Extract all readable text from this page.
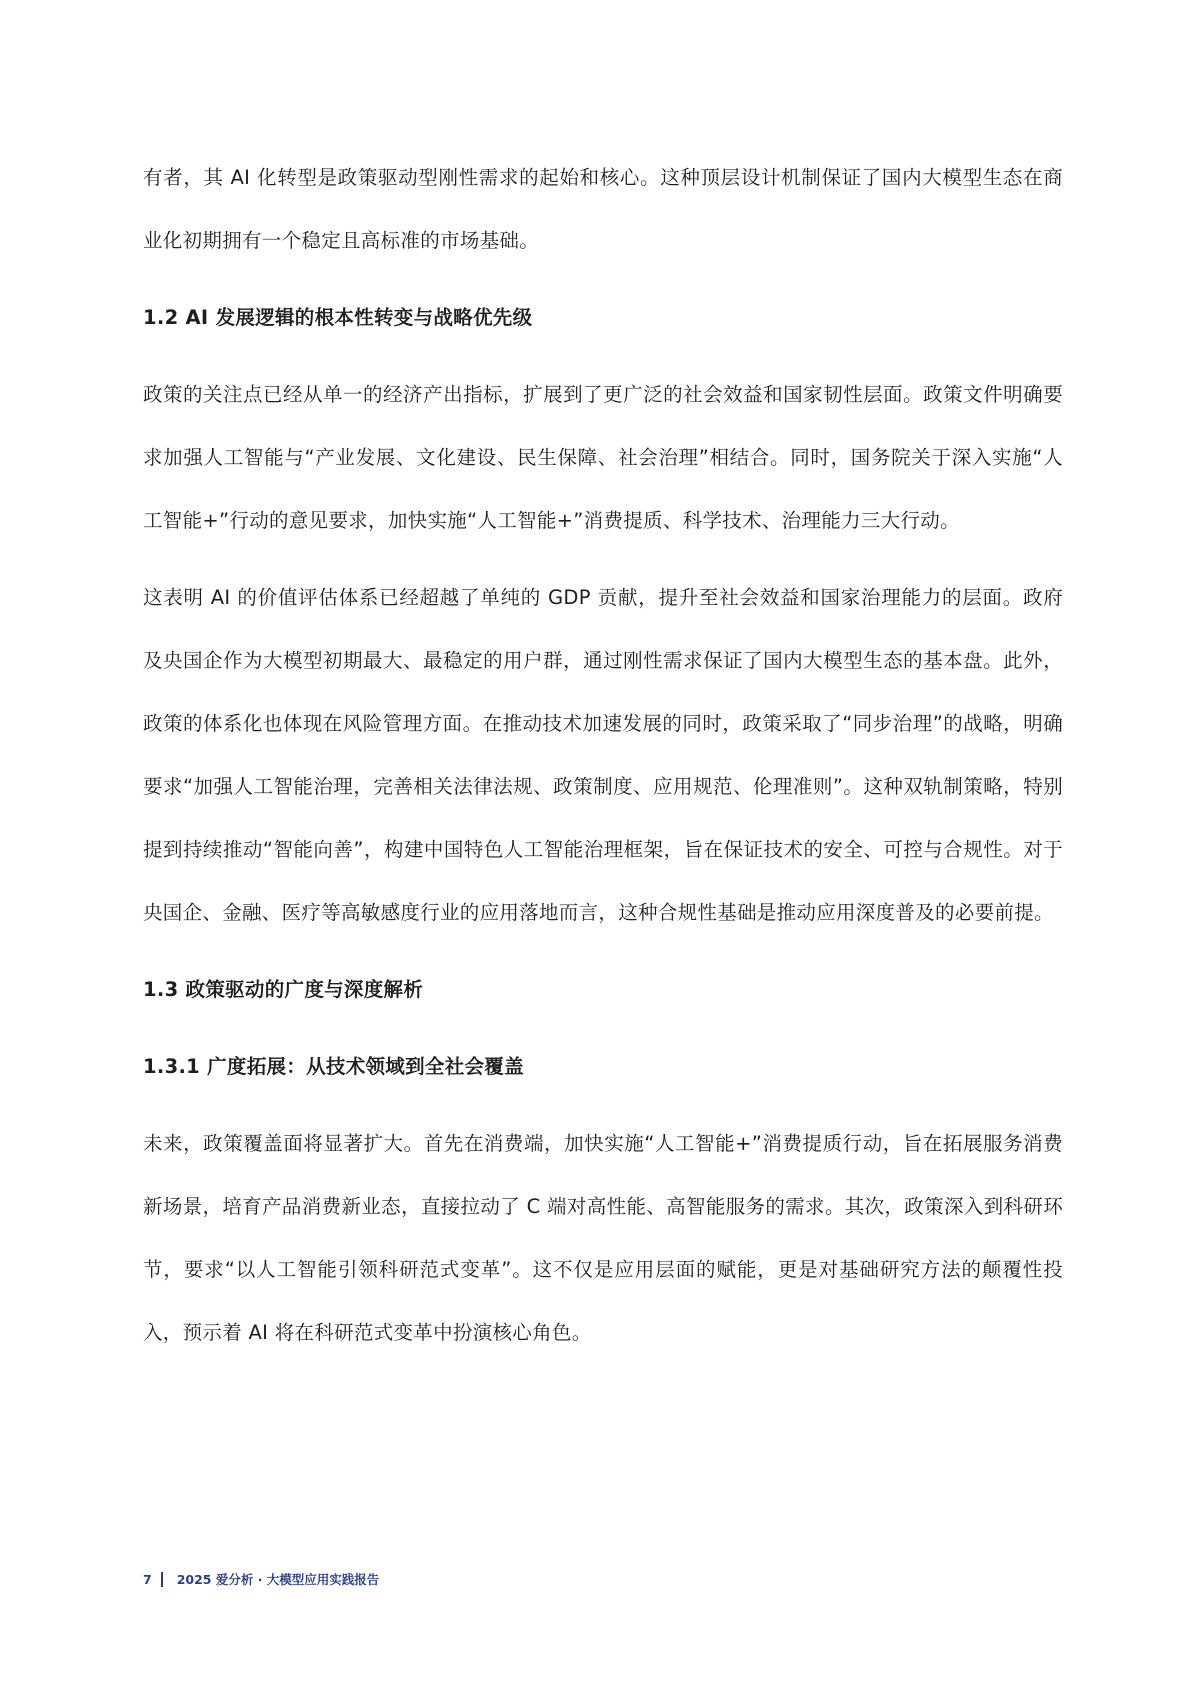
有者，其 AI 化转型是政策驱动型刚性需求的起始和核心。这种顶层设计机制保证了国内大模型生态在商业化初期拥有一个稳定且高标准的市场基础。

1.2 AI 发展逻辑的根本性转变与战略优先级

政策的关注点已经从单一的经济产出指标，扩展到了更广泛的社会效益和国家韧性层面。政策文件明确要求加强人工智能与“产业发展、文化建设、民生保障、社会治理”相结合。同时，国务院关于深入实施“人工智能+”行动的意见要求，加快实施“人工智能+”消费提质、科学技术、治理能力三大行动。

这表明 AI 的价值评估体系已经超越了单纯的 GDP 贡献，提升至社会效益和国家治理能力的层面。政府及央国企作为大模型初期最大、最稳定的用户群，通过刚性需求保证了国内大模型生态的基本盘。此外，政策的体系化也体现在风险管理方面。在推动技术加速发展的同时，政策采取了“同步治理”的战略，明确要求“加强人工智能治理，完善相关法律法规、政策制度、应用规范、伦理准则”。这种双轨制策略，特别提到持续推动“智能向善”，构建中国特色人工智能治理框架，旨在保证技术的安全、可控与合规性。对于央国企、金融、医疗等高敏感度行业的应用落地而言，这种合规性基础是推动应用深度普及的必要前提。

1.3 政策驱动的广度与深度解析
1.3.1 广度拓展：从技术领域到全社会覆盖

未来，政策覆盖面将显著扩大。首先在消费端，加快实施“人工智能+”消费提质行动，旨在拓展服务消费新场景，培育产品消费新业态，直接拉动了 C 端对高性能、高智能服务的需求。其次，政策深入到科研环节，要求“以人工智能引领科研范式变革”。这不仅是应用层面的赋能，更是对基础研究方法的颠覆性投入，预示着 AI 将在科研范式变革中扮演核心角色。

7 2025 爱分析 · 大模型应用实践报告
